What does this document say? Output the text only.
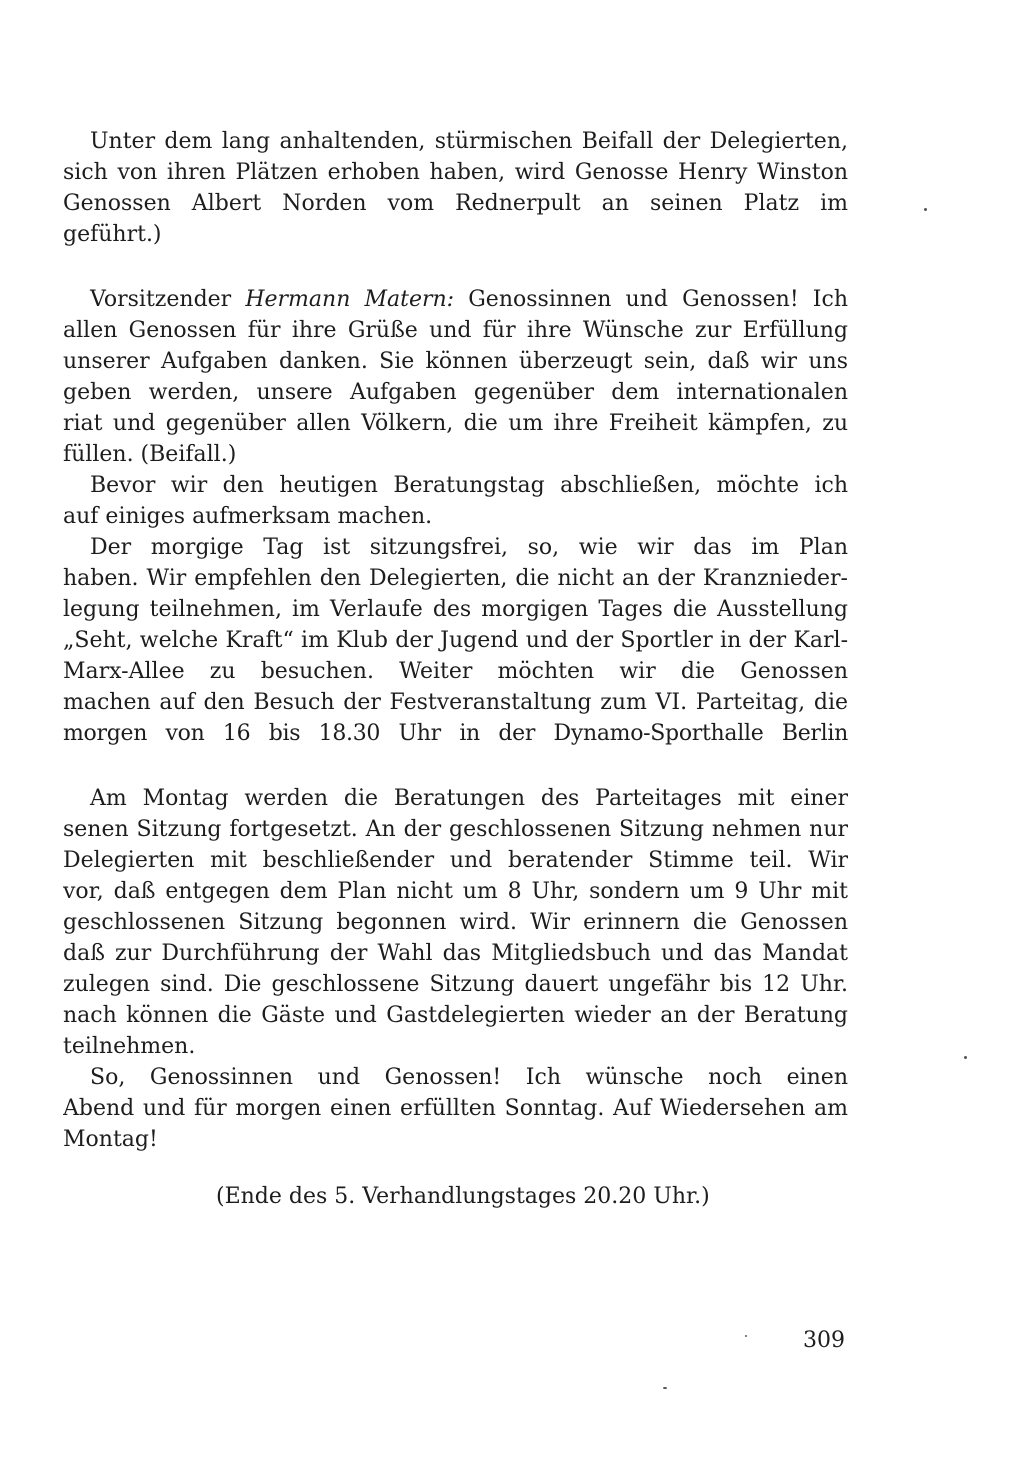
Unter dem lang anhaltenden, stürmischen Beifall der Delegierten,
sich von ihren Plätzen erhoben haben, wird Genosse Henry Winston
Genossen Albert Norden vom Rednerpult an seinen Platz im
geführt.)
Vorsitzender Hermann Matern: Genossinnen und Genossen! Ich
allen Genossen für ihre Grüße und für ihre Wünsche zur Erfüllung
unserer Aufgaben danken. Sie können überzeugt sein, daß wir uns
geben werden, unsere Aufgaben gegenüber dem internationalen
riat und gegenüber allen Völkern, die um ihre Freiheit kämpfen, zu
füllen. (Beifall.)
Bevor wir den heutigen Beratungstag abschließen, möchte ich
auf einiges aufmerksam machen.
Der morgige Tag ist sitzungsfrei, so, wie wir das im Plan
haben. Wir empfehlen den Delegierten, die nicht an der Kranznieder-
legung teilnehmen, im Verlaufe des morgigen Tages die Ausstellung
„Seht, welche Kraft“ im Klub der Jugend und der Sportler in der Karl-
Marx-Allee zu besuchen. Weiter möchten wir die Genossen
machen auf den Besuch der Festveranstaltung zum VI. Parteitag, die
morgen von 16 bis 18.30 Uhr in der Dynamo-Sporthalle Berlin
Am Montag werden die Beratungen des Parteitages mit einer
senen Sitzung fortgesetzt. An der geschlossenen Sitzung nehmen nur
Delegierten mit beschließender und beratender Stimme teil. Wir
vor, daß entgegen dem Plan nicht um 8 Uhr, sondern um 9 Uhr mit
geschlossenen Sitzung begonnen wird. Wir erinnern die Genossen
daß zur Durchführung der Wahl das Mitgliedsbuch und das Mandat
zulegen sind. Die geschlossene Sitzung dauert ungefähr bis 12 Uhr.
nach können die Gäste und Gastdelegierten wieder an der Beratung
teilnehmen.
So, Genossinnen und Genossen! Ich wünsche noch einen
Abend und für morgen einen erfüllten Sonntag. Auf Wiedersehen am
Montag!
(Ende des 5. Verhandlungstages 20.20 Uhr.)
309
